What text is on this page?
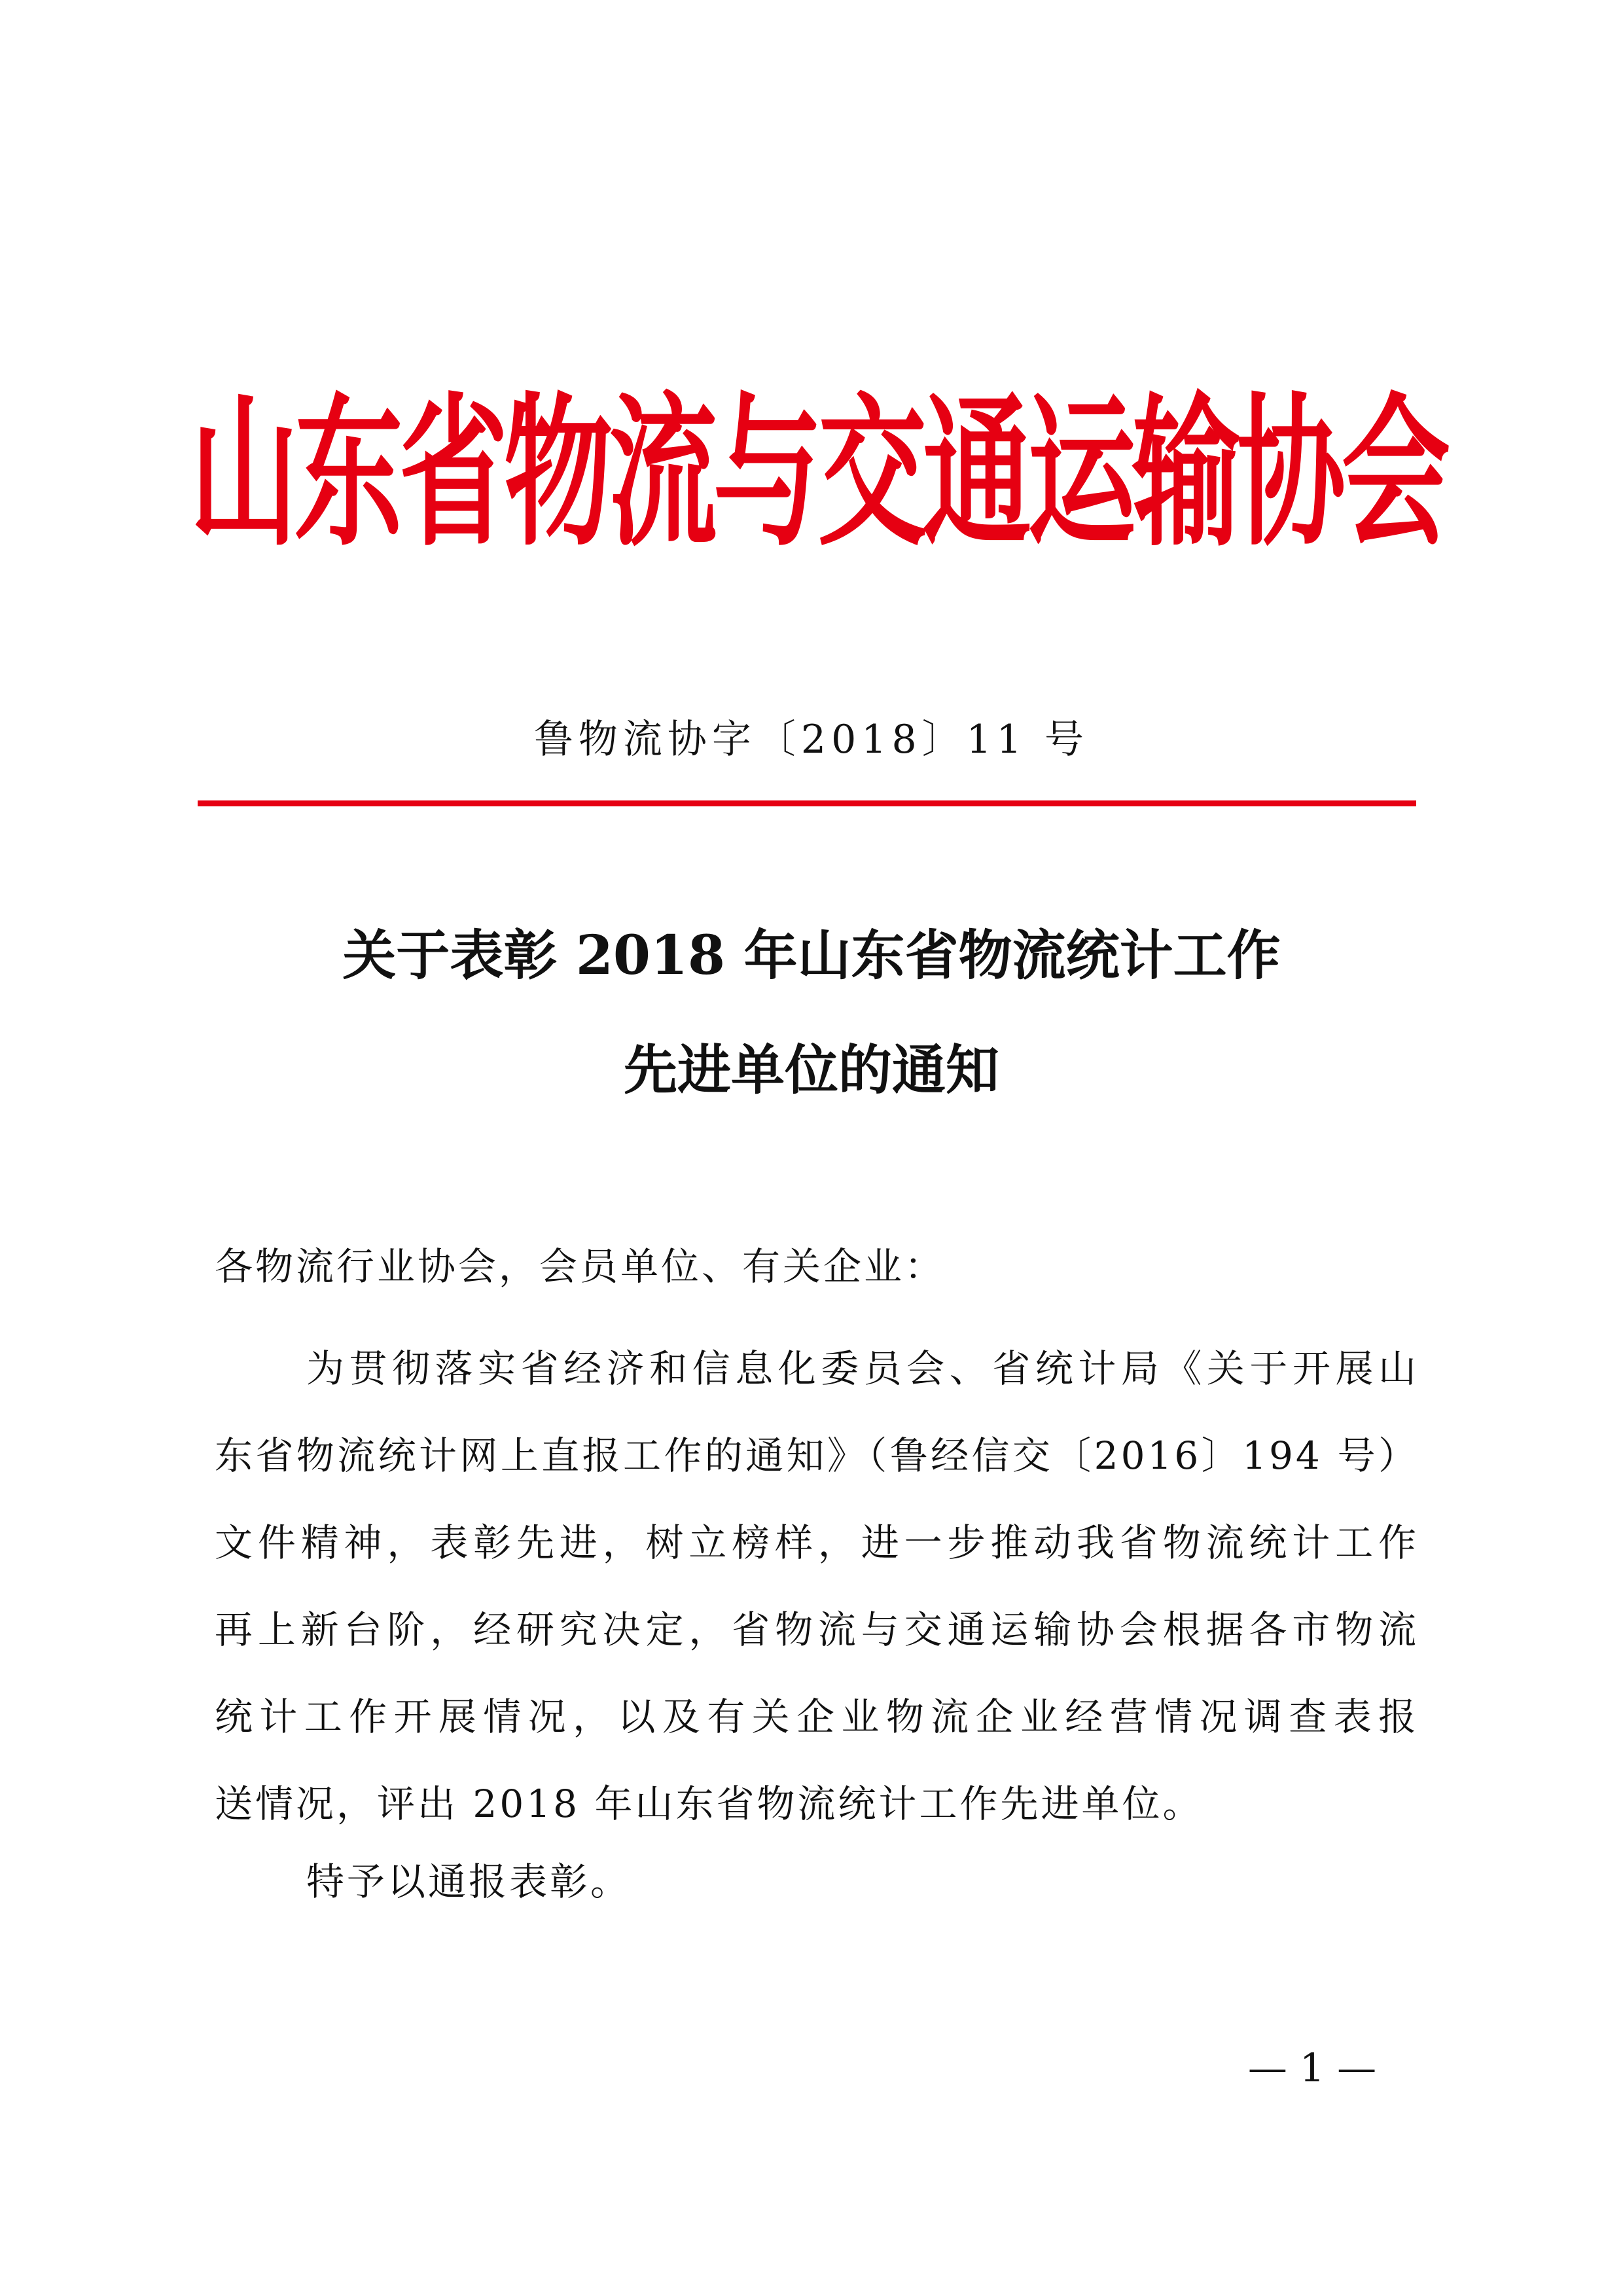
山东省物流与交通运输协会
鲁物流协字〔2018〕11 号
关于表彰 2018 年山东省物流统计工作
先进单位的通知
各物流行业协会，会员单位、有关企业：
为贯彻落实省经济和信息化委员会、省统计局《关于开展山
东省物流统计网上直报工作的通知》（鲁经信交〔2016〕194 号）
文件精神，表彰先进，树立榜样，进一步推动我省物流统计工作
再上新台阶，经研究决定，省物流与交通运输协会根据各市物流
统计工作开展情况，以及有关企业物流企业经营情况调查表报
送情况，评出 2018 年山东省物流统计工作先进单位。
特予以通报表彰。
— 1 —
